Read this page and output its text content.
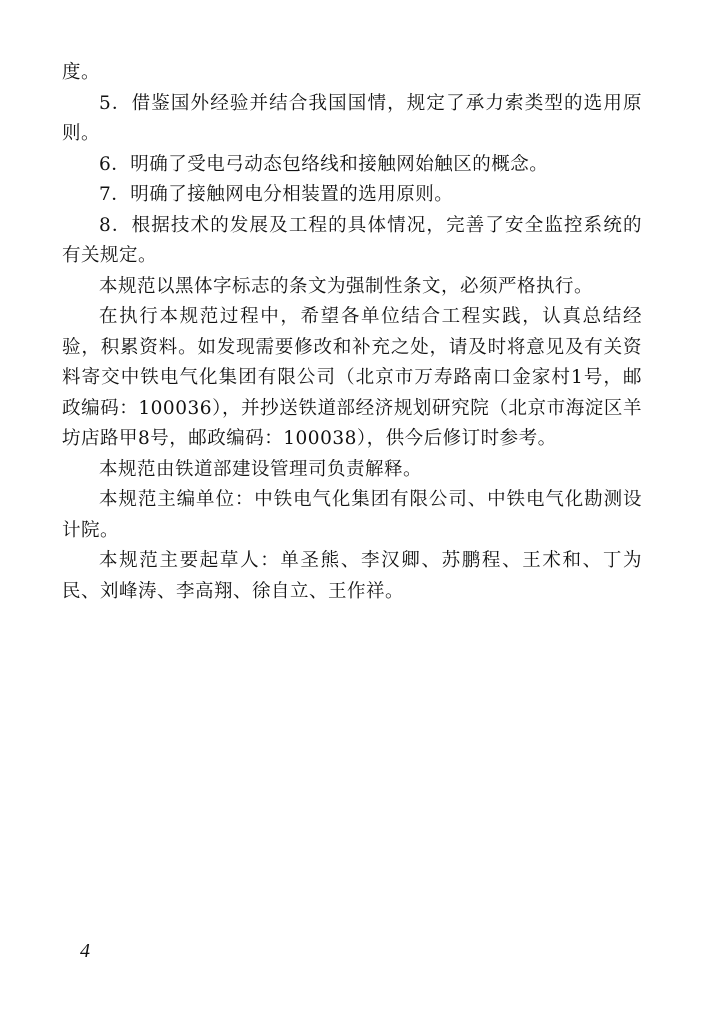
度。

5．借鉴国外经验并结合我国国情，规定了承力索类型的选用原则。

6．明确了受电弓动态包络线和接触网始触区的概念。

7．明确了接触网电分相装置的选用原则。

8．根据技术的发展及工程的具体情况，完善了安全监控系统的有关规定。

本规范以黑体字标志的条文为强制性条文，必须严格执行。

在执行本规范过程中，希望各单位结合工程实践，认真总结经验，积累资料。如发现需要修改和补充之处，请及时将意见及有关资料寄交中铁电气化集团有限公司（北京市万寿路南口金家村1号，邮政编码：100036），并抄送铁道部经济规划研究院（北京市海淀区羊坊店路甲8号，邮政编码：100038），供今后修订时参考。

本规范由铁道部建设管理司负责解释。

本规范主编单位：中铁电气化集团有限公司、中铁电气化勘测设计院。

本规范主要起草人：单圣熊、李汉卿、苏鹏程、王术和、丁为民、刘峰涛、李高翔、徐自立、王作祥。

4
